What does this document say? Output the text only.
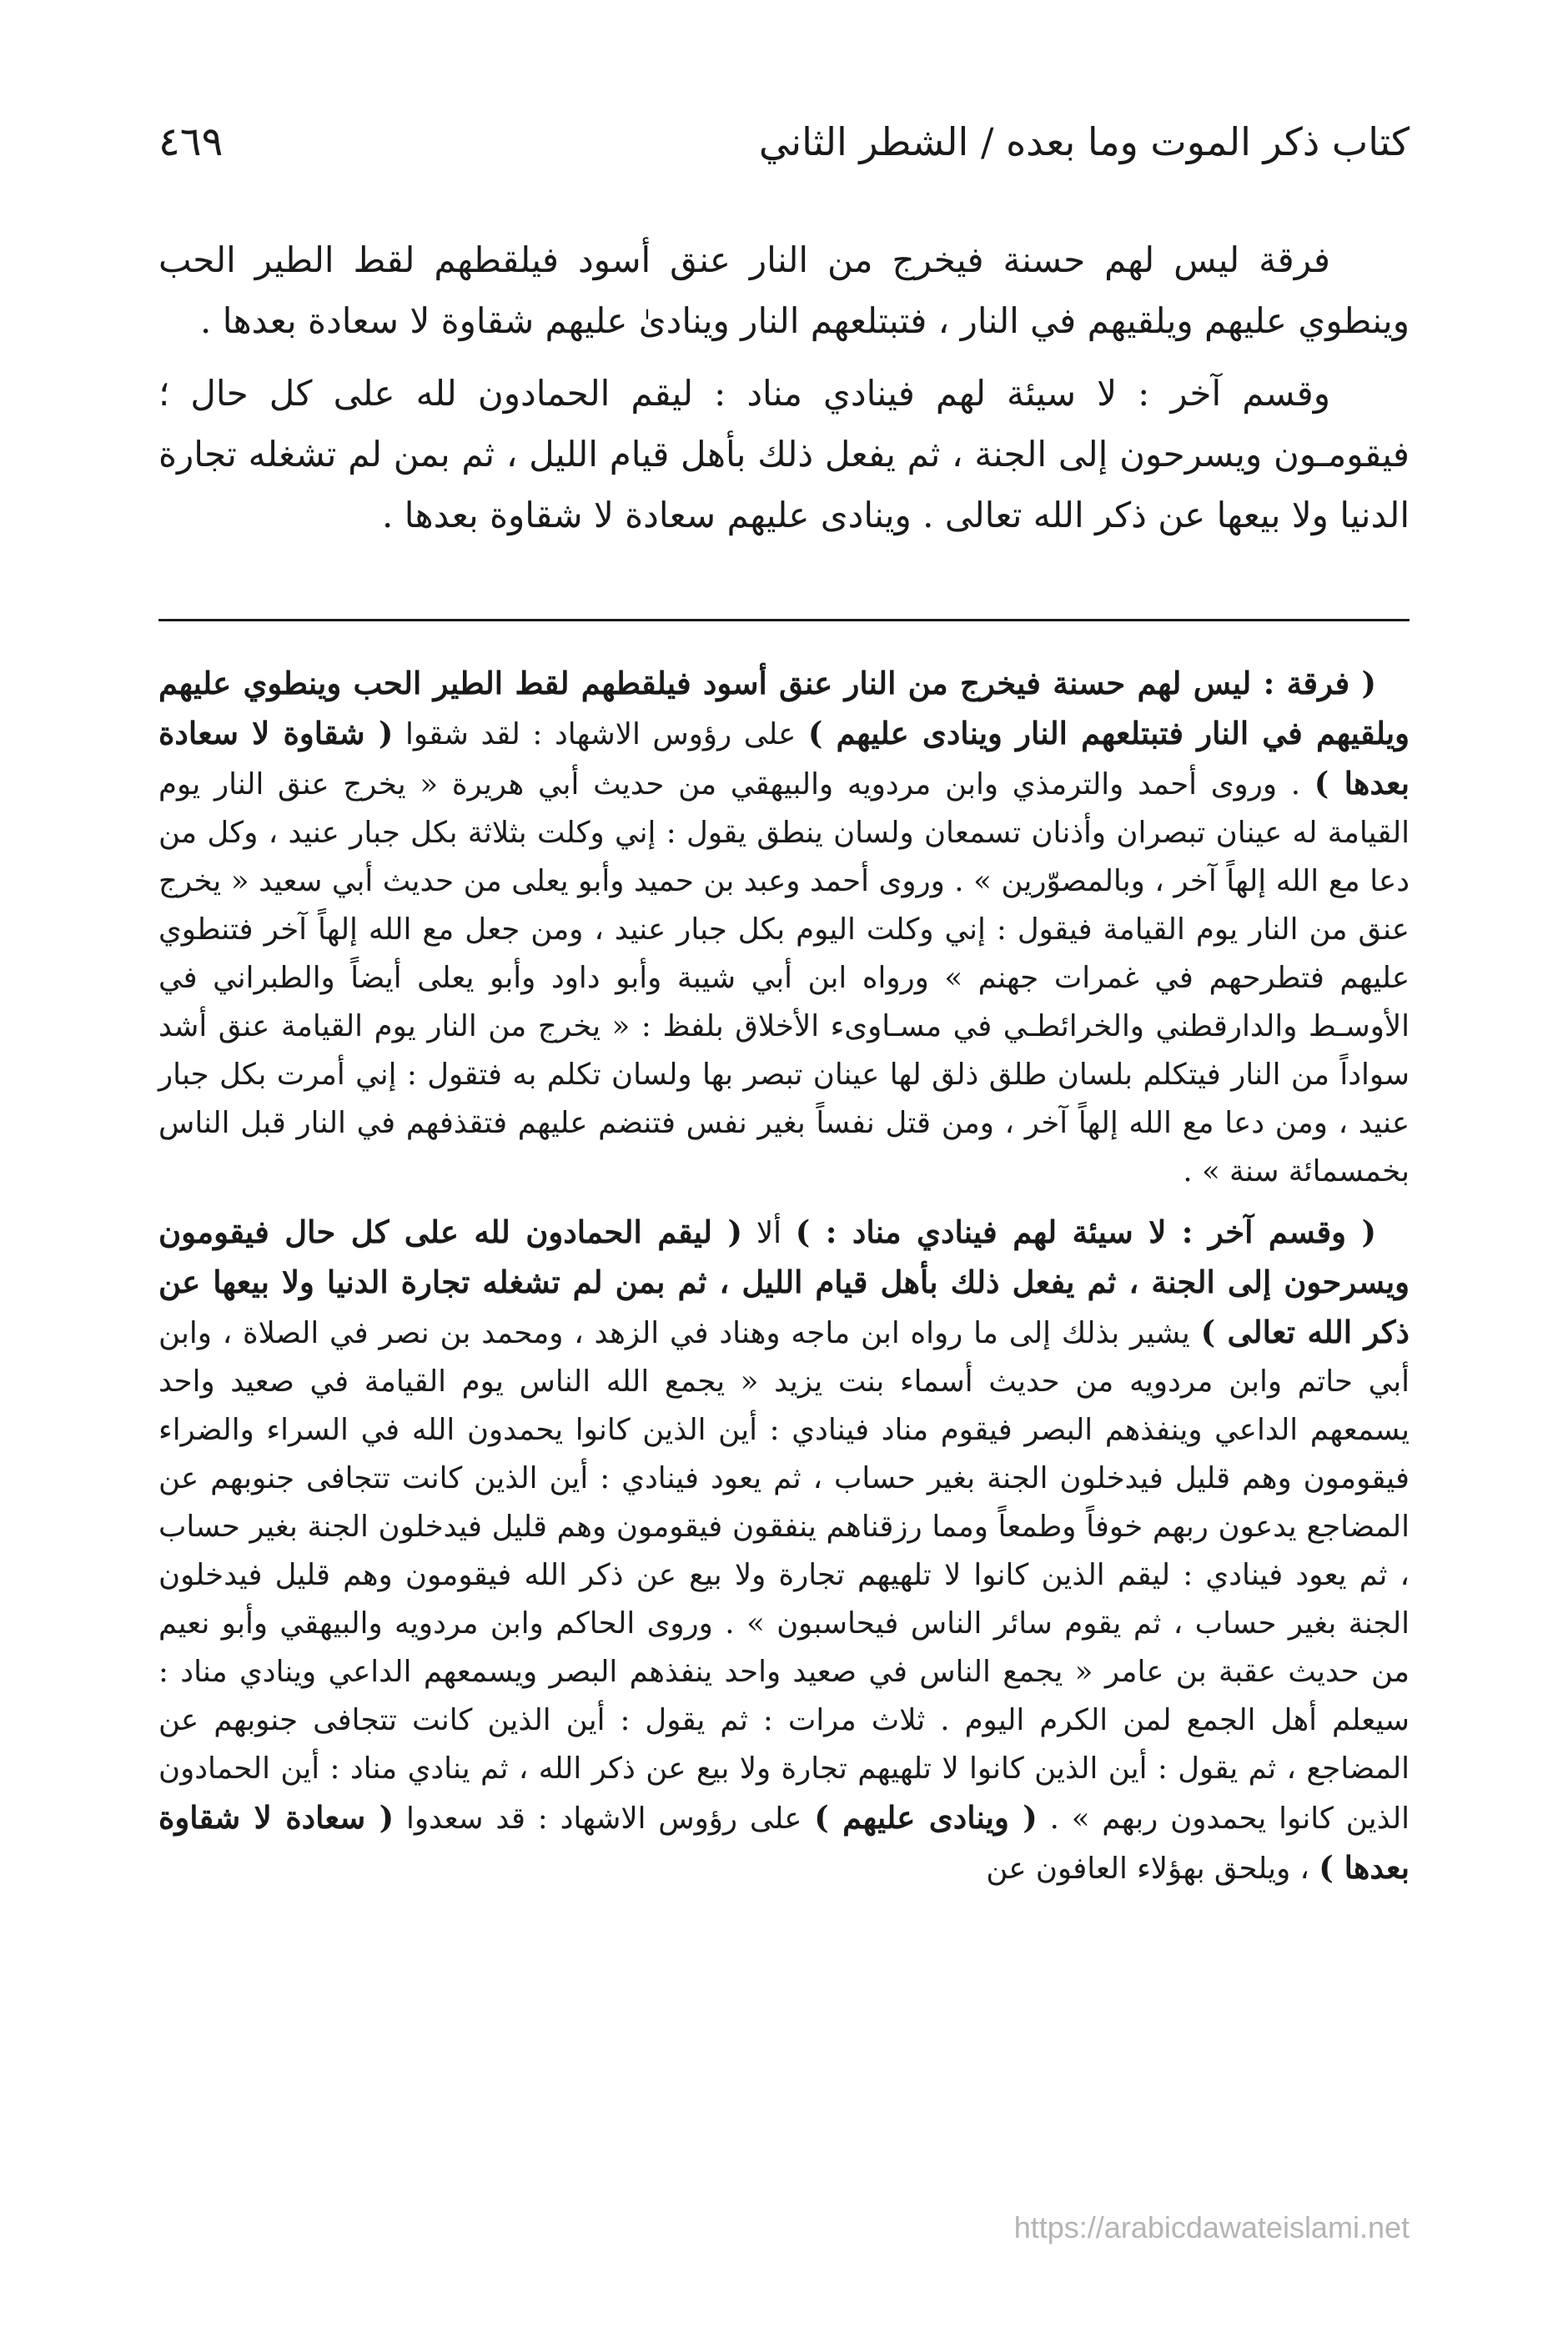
كتاب ذكر الموت وما بعده / الشطر الثاني
٤٦٩

فرقة ليس لهم حسنة فيخرج من النار عنق أسود فيلقطهم لقط الطير الحب وينطوي عليهم ويلقيهم في النار ، فتبتلعهم النار وينادىٰ عليهم شقاوة لا سعادة بعدها .

وقسم آخر : لا سيئة لهم فينادي مناد : ليقم الحمادون لله على كل حال ؛ فيقومـون ويسرحون إلى الجنة ، ثم يفعل ذلك بأهل قيام الليل ، ثم بمن لم تشغله تجارة الدنيا ولا بيعها عن ذكر الله تعالى . وينادى عليهم سعادة لا شقاوة بعدها .

( فرقة : ليس لهم حسنة فيخرج من النار عنق أسود فيلقطهم لقط الطير الحب وينطوي عليهم ويلقيهم في النار فتبتلعهم النار وينادى عليهم ) على رؤوس الاشهاد : لقد شقوا ( شقاوة لا سعادة بعدها ) . وروى أحمد والترمذي وابن مردويه والبيهقي من حديث أبي هريرة « يخرج عنق النار يوم القيامة له عينان تبصران وأذنان تسمعان ولسان ينطق يقول : إني وكلت بثلاثة بكل جبار عنيد ، وكل من دعا مع الله إلهاً آخر ، وبالمصوّرين » . وروى أحمد وعبد بن حميد وأبو يعلى من حديث أبي سعيد « يخرج عنق من النار يوم القيامة فيقول : إني وكلت اليوم بكل جبار عنيد ، ومن جعل مع الله إلهاً آخر فتنطوي عليهم فتطرحهم في غمرات جهنم » ورواه ابن أبي شيبة وأبو داود وأبو يعلى أيضاً والطبراني في الأوسـط والدارقطني والخرائطـي في مسـاوىء الأخلاق بلفظ : « يخرج من النار يوم القيامة عنق أشد سواداً من النار فيتكلم بلسان طلق ذلق لها عينان تبصر بها ولسان تكلم به فتقول : إني أمرت بكل جبار عنيد ، ومن دعا مع الله إلهاً آخر ، ومن قتل نفساً بغير نفس فتنضم عليهم فتقذفهم في النار قبل الناس بخمسمائة سنة » .

( وقسم آخر : لا سيئة لهم فينادي مناد : ) ألا ( ليقم الحمادون لله على كل حال فيقومون ويسرحون إلى الجنة ، ثم يفعل ذلك بأهل قيام الليل ، ثم بمن لم تشغله تجارة الدنيا ولا بيعها عن ذكر الله تعالى ) يشير بذلك إلى ما رواه ابن ماجه وهناد في الزهد ، ومحمد بن نصر في الصلاة ، وابن أبي حاتم وابن مردويه من حديث أسماء بنت يزيد « يجمع الله الناس يوم القيامة في صعيد واحد يسمعهم الداعي وينفذهم البصر فيقوم مناد فينادي : أين الذين كانوا يحمدون الله في السراء والضراء فيقومون وهم قليل فيدخلون الجنة بغير حساب ، ثم يعود فينادي : أين الذين كانت تتجافى جنوبهم عن المضاجع يدعون ربهم خوفاً وطمعاً ومما رزقناهم ينفقون فيقومون وهم قليل فيدخلون الجنة بغير حساب ، ثم يعود فينادي : ليقم الذين كانوا لا تلهيهم تجارة ولا بيع عن ذكر الله فيقومون وهم قليل فيدخلون الجنة بغير حساب ، ثم يقوم سائر الناس فيحاسبون » . وروى الحاكم وابن مردويه والبيهقي وأبو نعيم من حديث عقبة بن عامر « يجمع الناس في صعيد واحد ينفذهم البصر ويسمعهم الداعي وينادي مناد : سيعلم أهل الجمع لمن الكرم اليوم . ثلاث مرات : ثم يقول : أين الذين كانت تتجافى جنوبهم عن المضاجع ، ثم يقول : أين الذين كانوا لا تلهيهم تجارة ولا بيع عن ذكر الله ، ثم ينادي مناد : أين الحمادون الذين كانوا يحمدون ربهم » . ( وينادى عليهم ) على رؤوس الاشهاد : قد سعدوا ( سعادة لا شقاوة بعدها ) ، ويلحق بهؤلاء العافون عن

https://arabicdawateislami.net
